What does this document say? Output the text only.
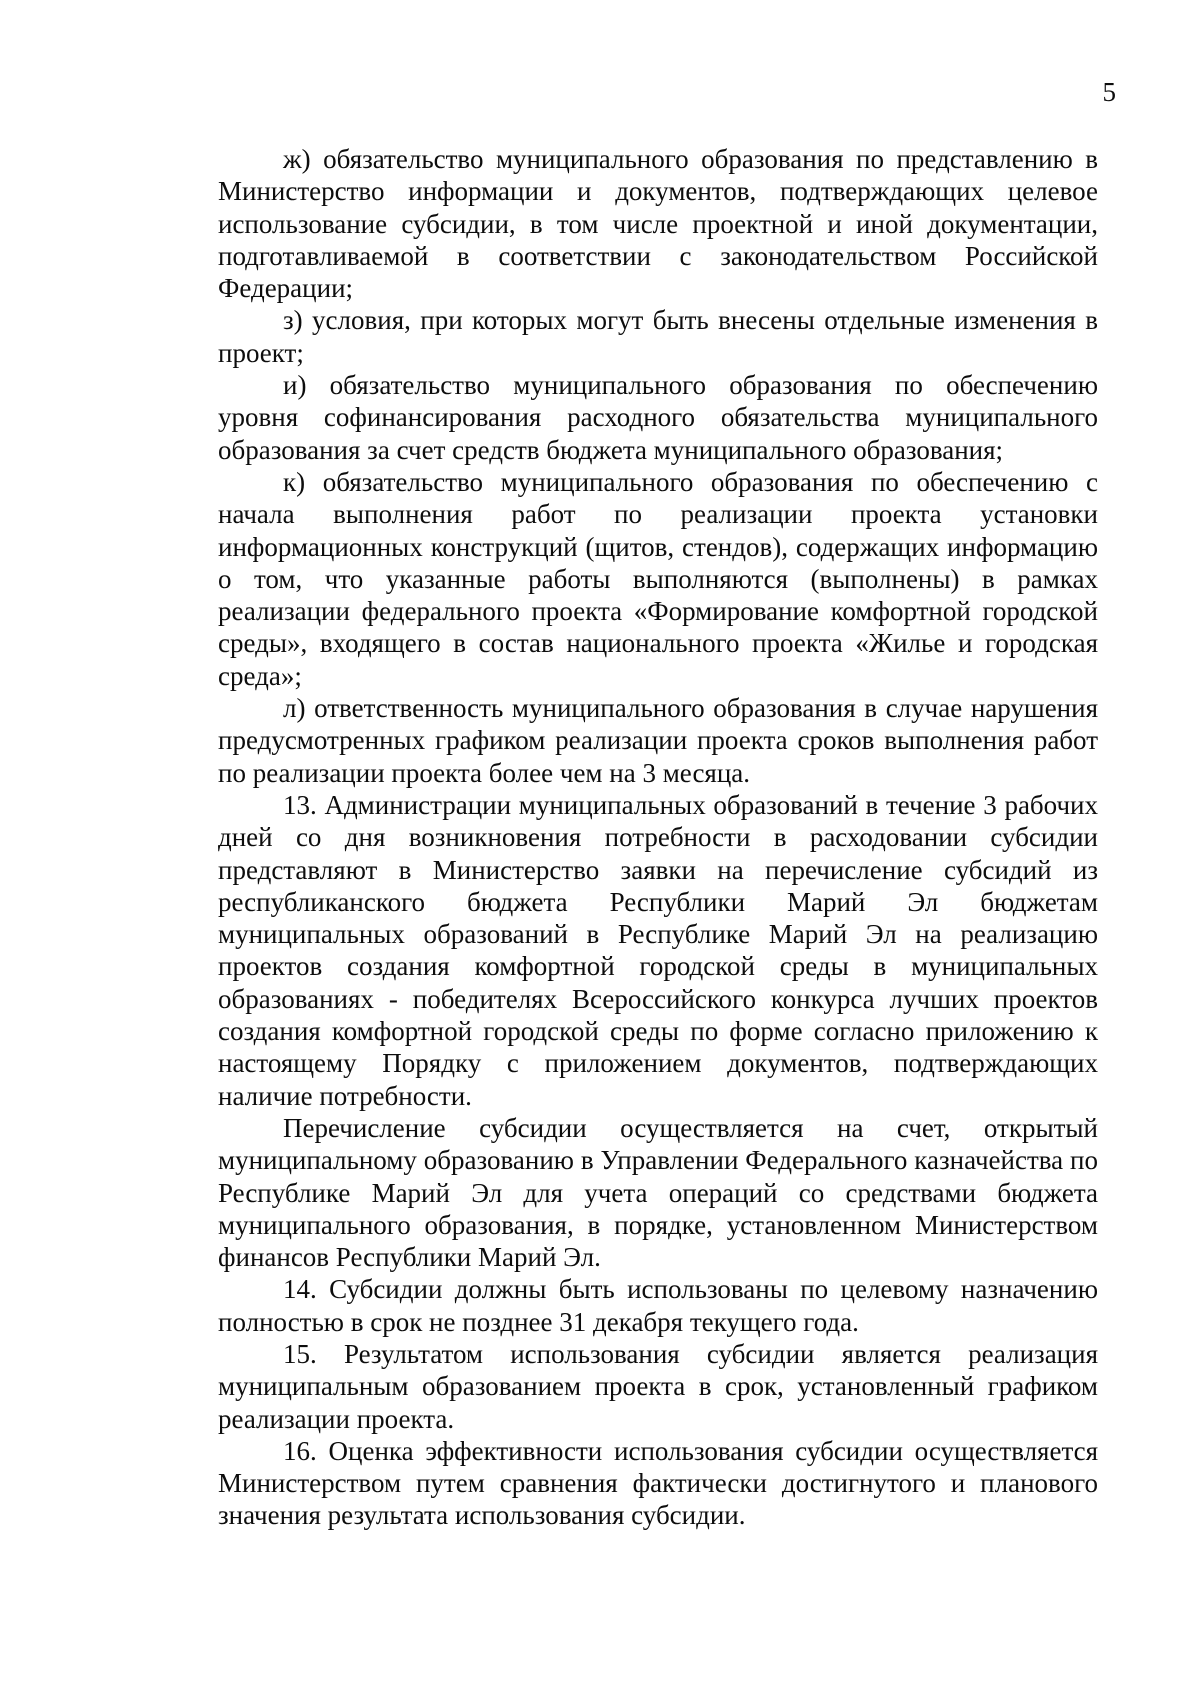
5

ж) обязательство муниципального образования по представлению в Министерство информации и документов, подтверждающих целевое использование субсидии, в том числе проектной и иной документации, подготавливаемой в соответствии с законодательством Российской Федерации;

з) условия, при которых могут быть внесены отдельные изменения в проект;

и) обязательство муниципального образования по обеспечению уровня софинансирования расходного обязательства муниципального образования за счет средств бюджета муниципального образования;

к) обязательство муниципального образования по обеспечению с начала выполнения работ по реализации проекта установки информационных конструкций (щитов, стендов), содержащих информацию о том, что указанные работы выполняются (выполнены) в рамках реализации федерального проекта «Формирование комфортной городской среды», входящего в состав национального проекта «Жилье и городская среда»;

л) ответственность муниципального образования в случае нарушения предусмотренных графиком реализации проекта сроков выполнения работ по реализации проекта более чем на 3 месяца.

13. Администрации муниципальных образований в течение 3 рабочих дней со дня возникновения потребности в расходовании субсидии представляют в Министерство заявки на перечисление субсидий из республиканского бюджета Республики Марий Эл бюджетам муниципальных образований в Республике Марий Эл на реализацию проектов создания комфортной городской среды в муниципальных образованиях - победителях Всероссийского конкурса лучших проектов создания комфортной городской среды по форме согласно приложению к настоящему Порядку с приложением документов, подтверждающих наличие потребности.

Перечисление субсидии осуществляется на счет, открытый муниципальному образованию в Управлении Федерального казначейства по Республике Марий Эл для учета операций со средствами бюджета муниципального образования, в порядке, установленном Министерством финансов Республики Марий Эл.

14. Субсидии должны быть использованы по целевому назначению полностью в срок не позднее 31 декабря текущего года.

15. Результатом использования субсидии является реализация муниципальным образованием проекта в срок, установленный графиком реализации проекта.

16. Оценка эффективности использования субсидии осуществляется Министерством путем сравнения фактически достигнутого и планового значения результата использования субсидии.
